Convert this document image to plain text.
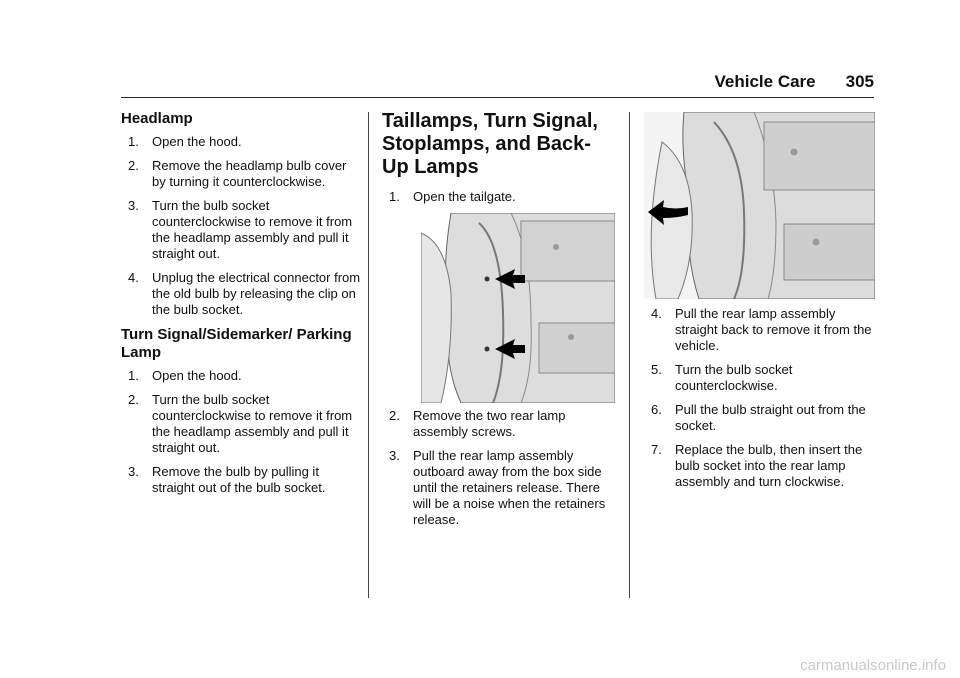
Vehicle Care 305
Headlamp
1. Open the hood.
2. Remove the headlamp bulb cover by turning it counterclockwise.
3. Turn the bulb socket counterclockwise to remove it from the headlamp assembly and pull it straight out.
4. Unplug the electrical connector from the old bulb by releasing the clip on the bulb socket.
Turn Signal/Sidemarker/ Parking Lamp
1. Open the hood.
2. Turn the bulb socket counterclockwise to remove it from the headlamp assembly and pull it straight out.
3. Remove the bulb by pulling it straight out of the bulb socket.
Taillamps, Turn Signal, Stoplamps, and Back-Up Lamps
1. Open the tailgate.
2. Remove the two rear lamp assembly screws.
3. Pull the rear lamp assembly outboard away from the box side until the retainers release. There will be a noise when the retainers release.
4. Pull the rear lamp assembly straight back to remove it from the vehicle.
5. Turn the bulb socket counterclockwise.
6. Pull the bulb straight out from the socket.
7. Replace the bulb, then insert the bulb socket into the rear lamp assembly and turn clockwise.
carmanualsonline.info
